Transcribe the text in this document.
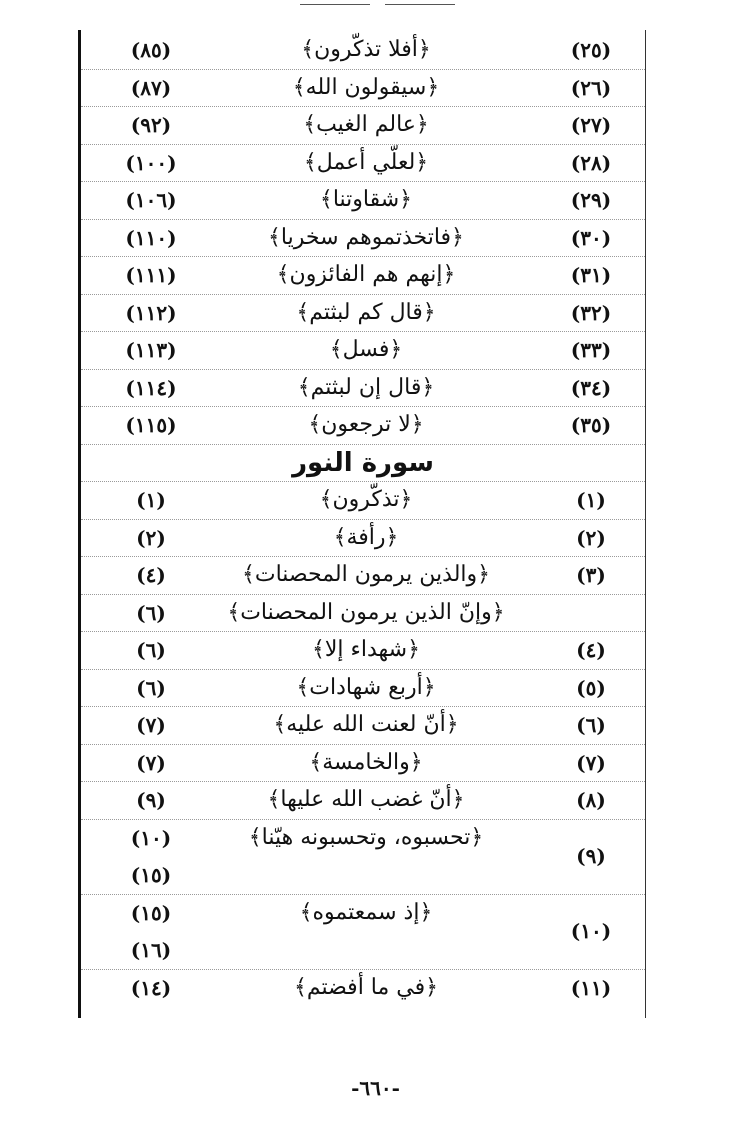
(٢٥)
﴿أفلا تذكّرون﴾
(٨٥)
(٢٦)
﴿سيقولون الله﴾
(٨٧)
(٢٧)
﴿عالم الغيب﴾
(٩٢)
(٢٨)
﴿لعلّي أعمل﴾
(١٠٠)
(٢٩)
﴿شقاوتنا﴾
(١٠٦)
(٣٠)
﴿فاتخذتموهم سخريا﴾
(١١٠)
(٣١)
﴿إنهم هم الفائزون﴾
(١١١)
(٣٢)
﴿قال كم لبثتم﴾
(١١٢)
(٣٣)
﴿فسل﴾
(١١٣)
(٣٤)
﴿قال إن لبثتم﴾
(١١٤)
(٣٥)
﴿لا ترجعون﴾
(١١٥)
سورة النور
(١)
﴿تذكّرون﴾
(١)
(٢)
﴿رأفة﴾
(٢)
(٣)
﴿والذين يرمون المحصنات﴾
(٤)
﴿وإنّ الذين يرمون المحصنات﴾
(٦)
(٤)
﴿شهداء إلا﴾
(٦)
(٥)
﴿أربع شهادات﴾
(٦)
(٦)
﴿أنّ لعنت الله عليه﴾
(٧)
(٧)
﴿والخامسة﴾
(٧)
(٨)
﴿أنّ غضب الله عليها﴾
(٩)
(٩)
﴿تحسبوه، وتحسبونه هيّنا﴾
(١٠)
(١٥)
(١٠)
﴿إذ سمعتموه﴾
(١٥)
(١٦)
(١١)
﴿في ما أفضتم﴾
(١٤)
-٦٦٠-
